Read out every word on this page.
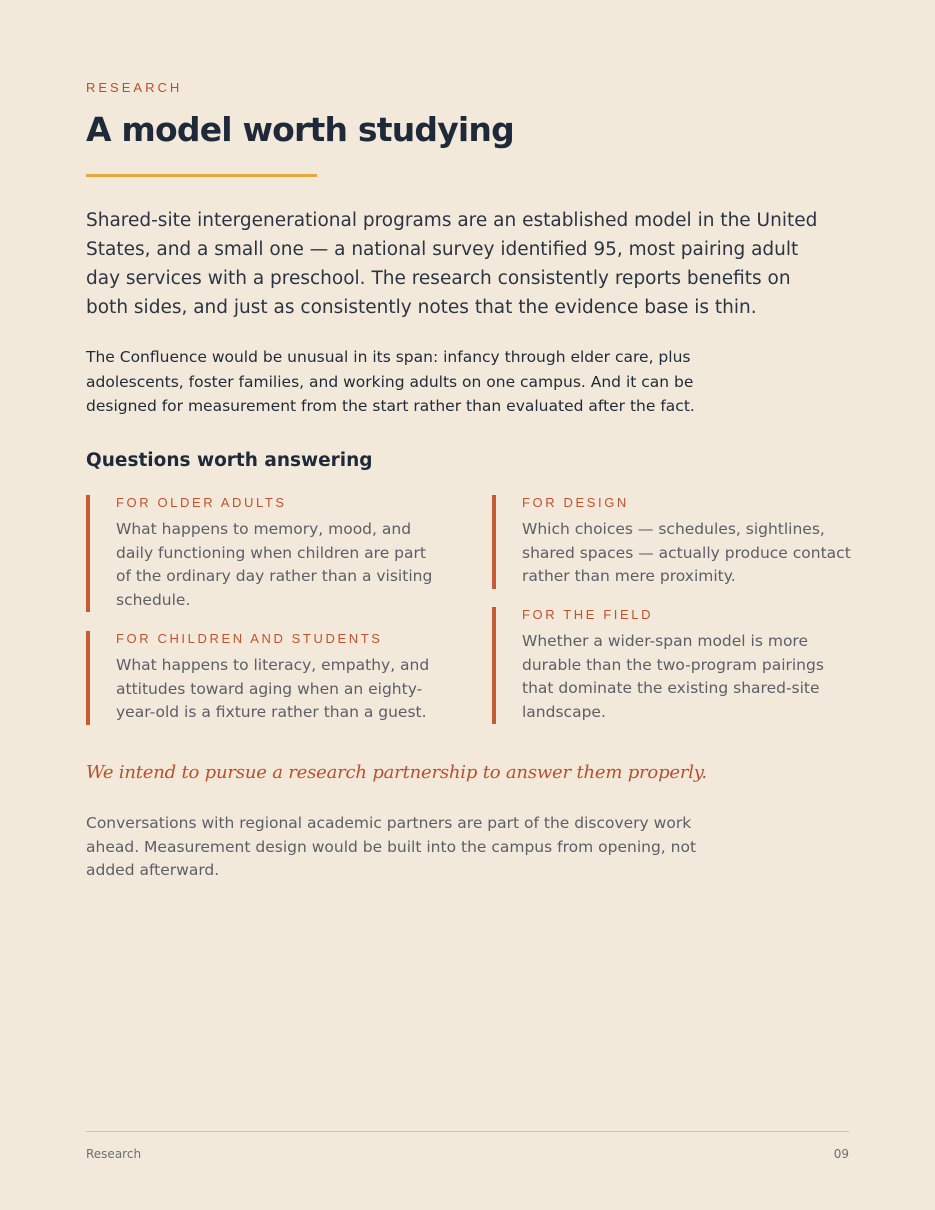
RESEARCH
A model worth studying

Shared-site intergenerational programs are an established model in the United States, and a small one — a national survey identified 95, most pairing adult day services with a preschool. The research consistently reports benefits on both sides, and just as consistently notes that the evidence base is thin.

The Confluence would be unusual in its span: infancy through elder care, plus adolescents, foster families, and working adults on one campus. And it can be designed for measurement from the start rather than evaluated after the fact.

Questions worth answering
FOR OLDER ADULTS

What happens to memory, mood, and daily functioning when children are part of the ordinary day rather than a visiting schedule.

FOR CHILDREN AND STUDENTS

What happens to literacy, empathy, and attitudes toward aging when an eighty-year-old is a fixture rather than a guest.

FOR DESIGN

Which choices — schedules, sightlines, shared spaces — actually produce contact rather than mere proximity.

FOR THE FIELD

Whether a wider-span model is more durable than the two-program pairings that dominate the existing shared-site landscape.

We intend to pursue a research partnership to answer them properly.

Conversations with regional academic partners are part of the discovery work ahead. Measurement design would be built into the campus from opening, not added afterward.

Research	09
